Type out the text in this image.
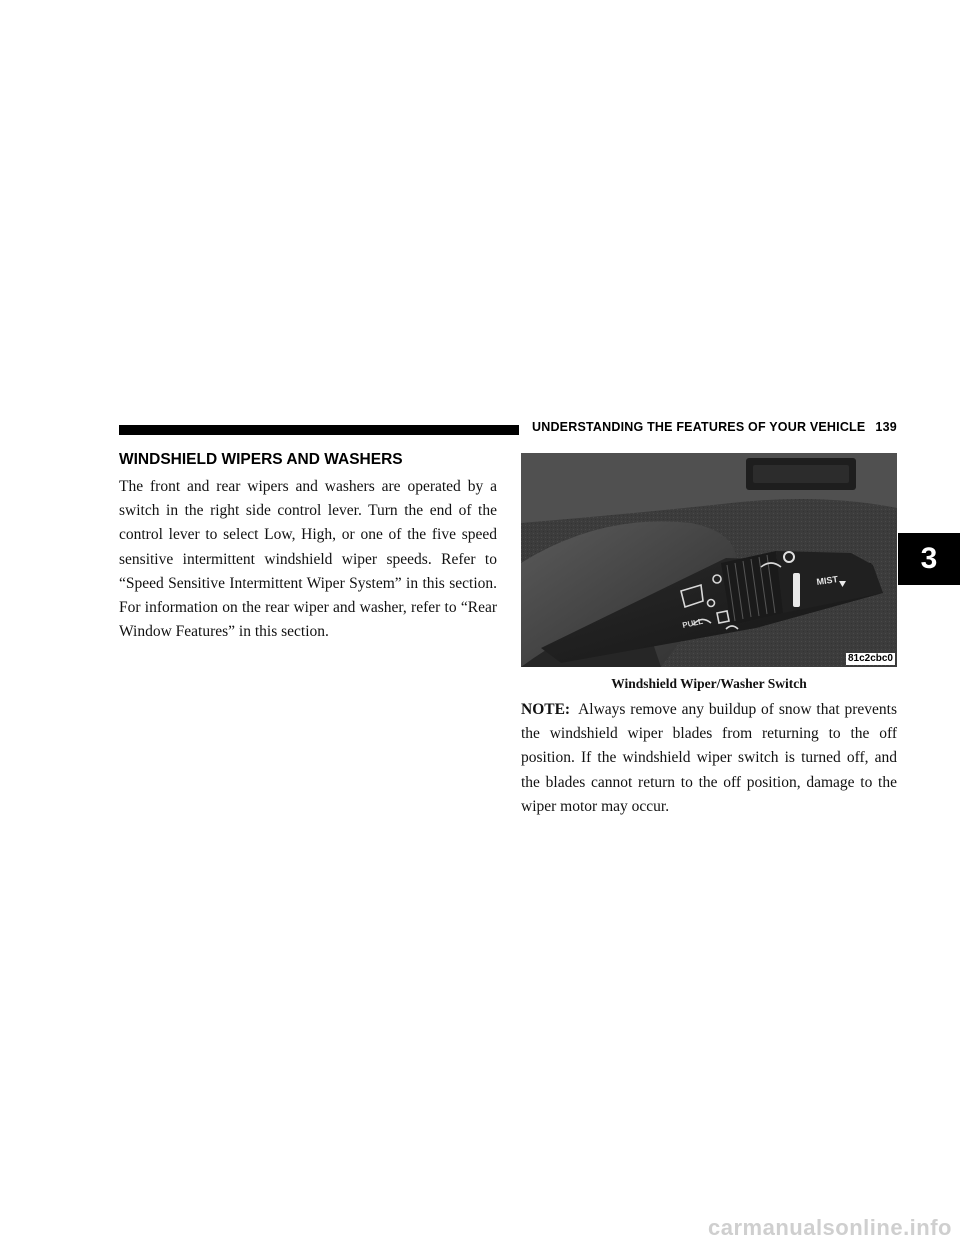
UNDERSTANDING THE FEATURES OF YOUR VEHICLE 139
3
WINDSHIELD WIPERS AND WASHERS

The front and rear wipers and washers are operated by a switch in the right side control lever. Turn the end of the control lever to select Low, High, or one of the five speed sensitive intermittent windshield wiper speeds. Refer to “Speed Sensitive Intermittent Wiper System” in this section. For information on the rear wiper and washer, refer to “Rear Window Features” in this section.	PULL
MIST
81c2cbc0
Windshield Wiper/Washer Switch

NOTE: Always remove any buildup of snow that prevents the windshield wiper blades from returning to the off position. If the windshield wiper switch is turned off, and the blades cannot return to the off position, damage to the wiper motor may occur.

carmanualsonline.info
